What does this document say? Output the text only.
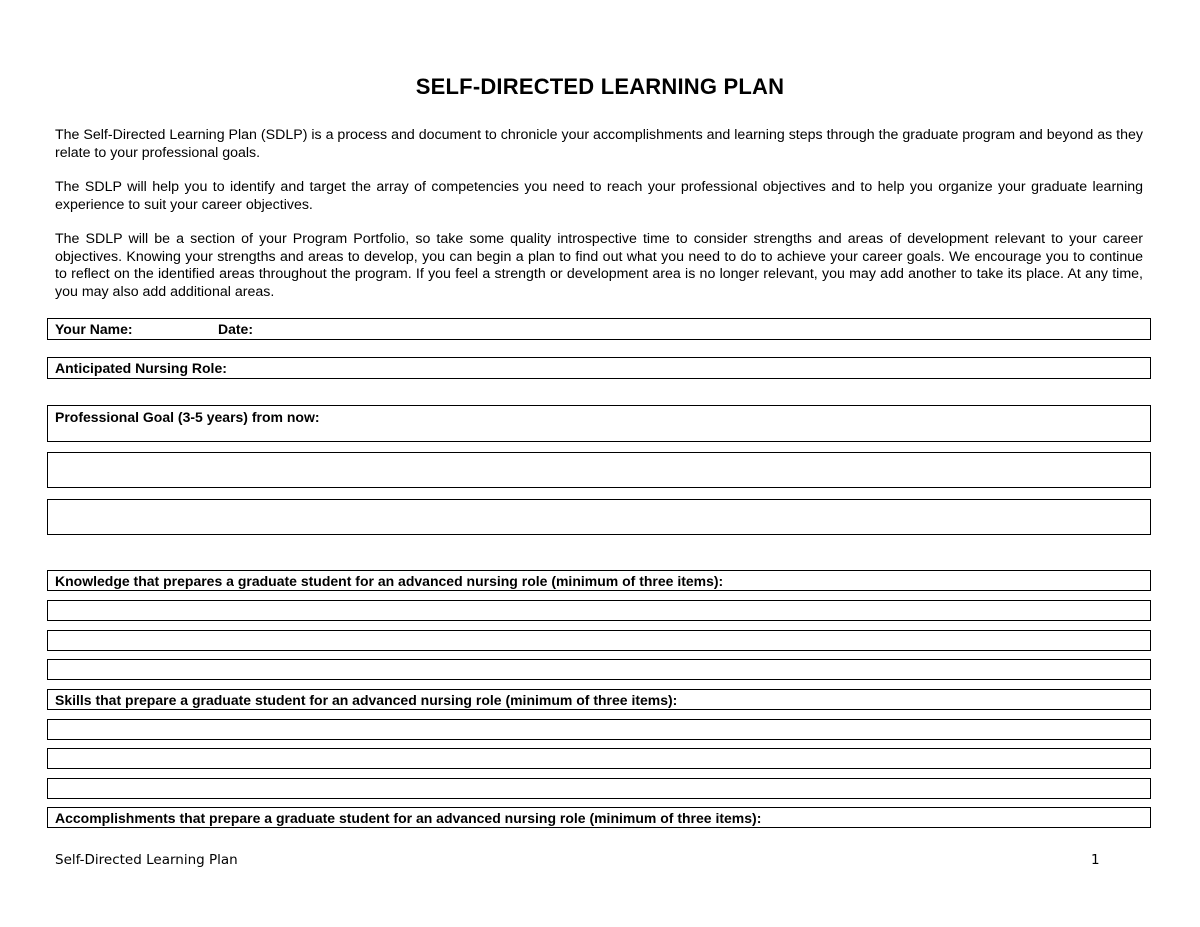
SELF-DIRECTED LEARNING PLAN

The Self-Directed Learning Plan (SDLP) is a process and document to chronicle your accomplishments and learning steps through the graduate program and beyond as they relate to your professional goals.

The SDLP will help you to identify and target the array of competencies you need to reach your professional objectives and to help you organize your graduate learning experience to suit your career objectives.

The SDLP will be a section of your Program Portfolio, so take some quality introspective time to consider strengths and areas of development relevant to your career objectives. Knowing your strengths and areas to develop, you can begin a plan to find out what you need to do to achieve your career goals. We encourage you to continue to reflect on the identified areas throughout the program. If you feel a strength or development area is no longer relevant, you may add another to take its place. At any time, you may also add additional areas.

Your Name:	Date:
Anticipated Nursing Role:
Professional Goal (3-5 years) from now:
Knowledge that prepares a graduate student for an advanced nursing role (minimum of three items):
Skills that prepare a graduate student for an advanced nursing role (minimum of three items):
Accomplishments that prepare a graduate student for an advanced nursing role (minimum of three items):
Self-Directed Learning Plan	1
